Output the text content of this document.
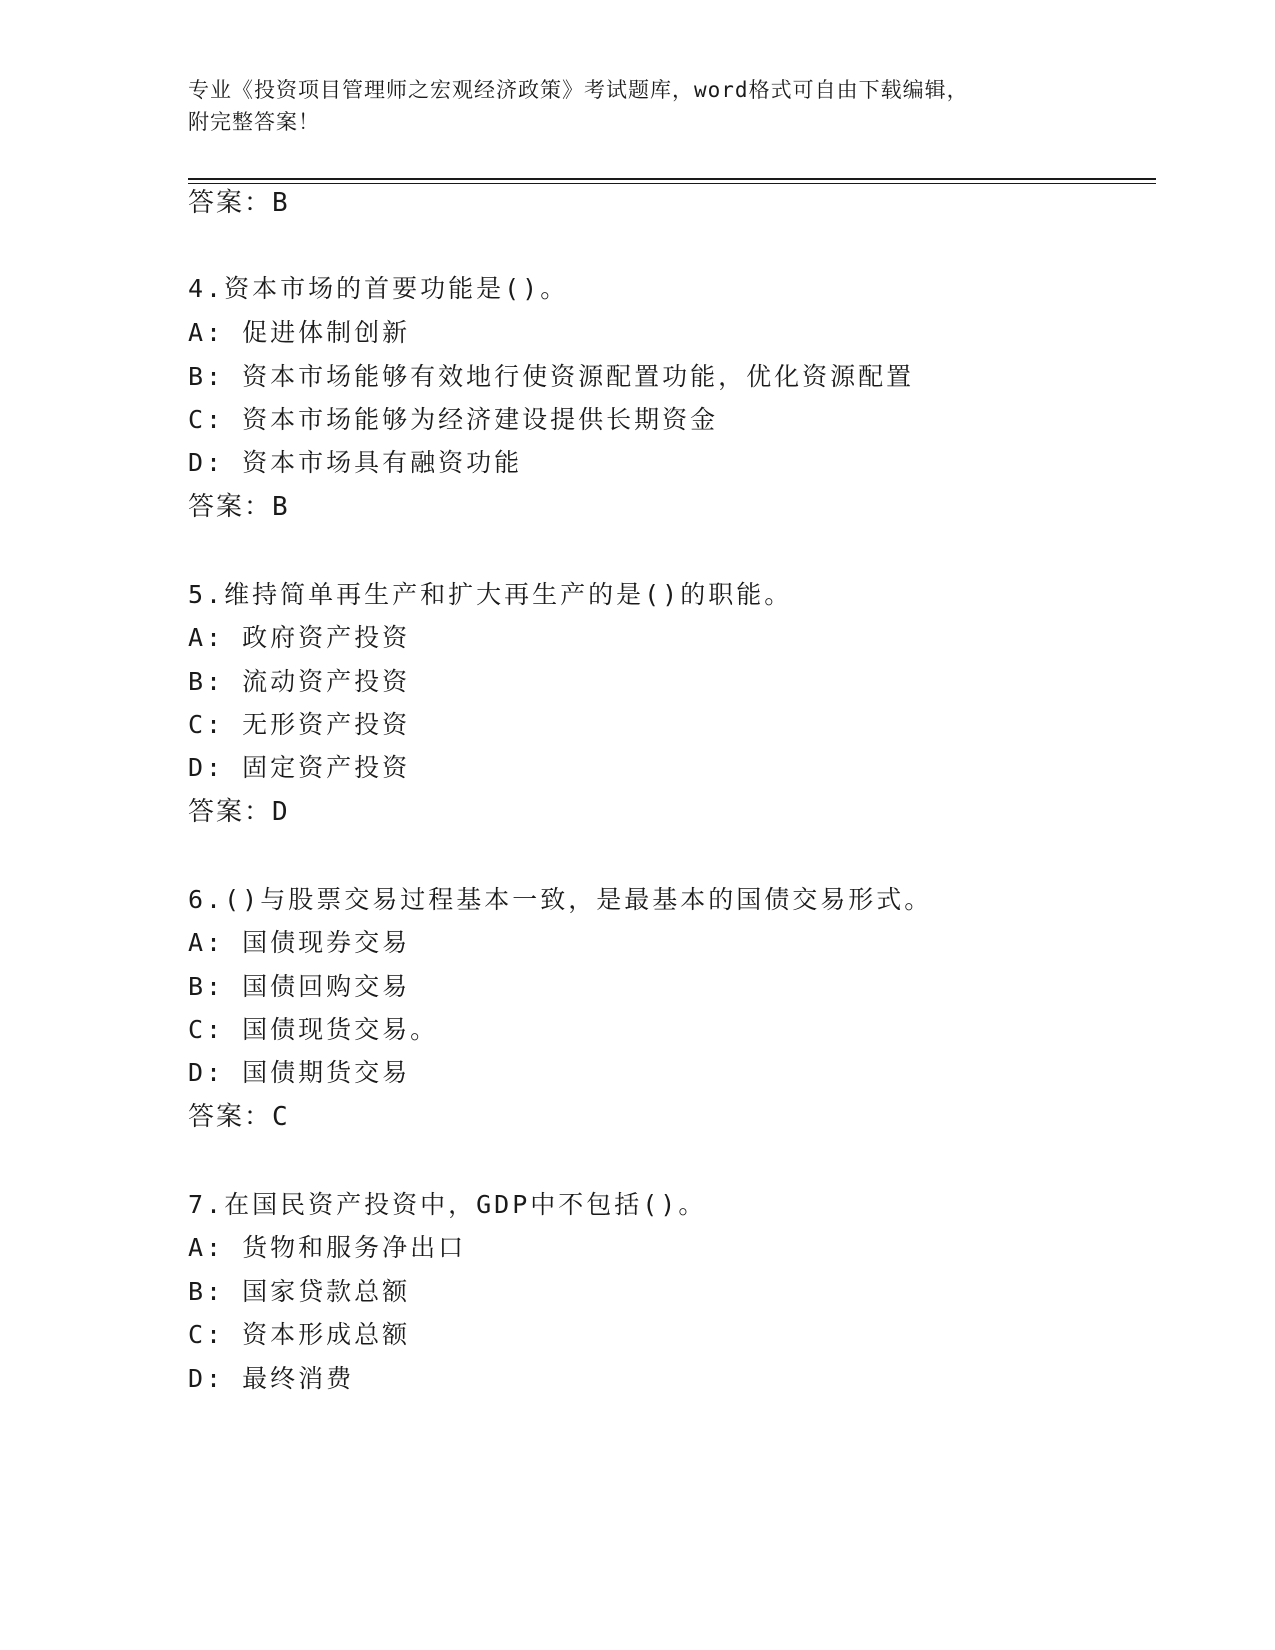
专业《投资项目管理师之宏观经济政策》考试题库，word格式可自由下载编辑，
附完整答案！
答案：B
4.资本市场的首要功能是()。
A: 促进体制创新
B: 资本市场能够有效地行使资源配置功能，优化资源配置
C: 资本市场能够为经济建设提供长期资金
D: 资本市场具有融资功能
答案：B
5.维持简单再生产和扩大再生产的是()的职能。
A: 政府资产投资
B: 流动资产投资
C: 无形资产投资
D: 固定资产投资
答案：D
6.()与股票交易过程基本一致，是最基本的国债交易形式。
A: 国债现券交易
B: 国债回购交易
C: 国债现货交易。
D: 国债期货交易
答案：C
7.在国民资产投资中，GDP中不包括()。
A: 货物和服务净出口
B: 国家贷款总额
C: 资本形成总额
D: 最终消费
